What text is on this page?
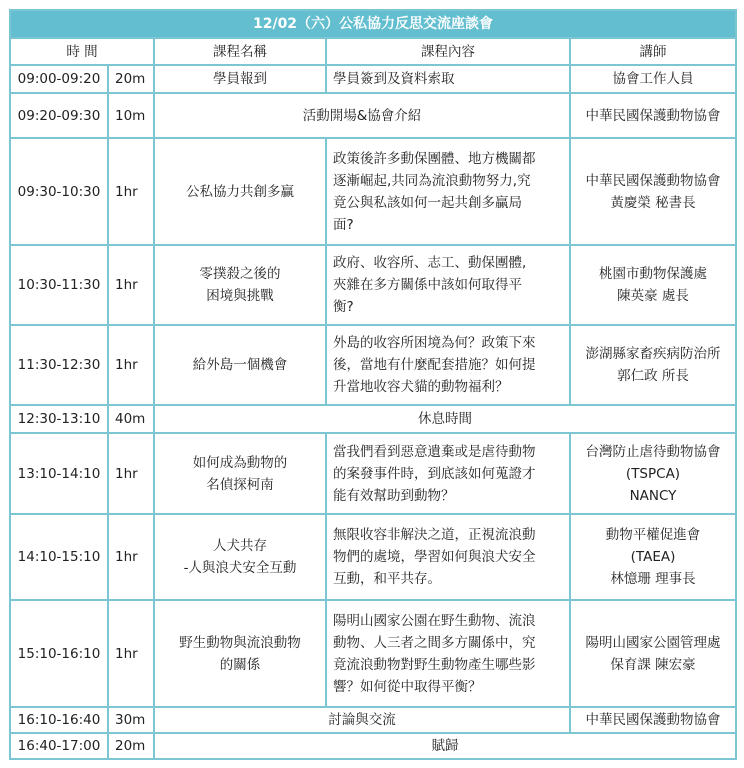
12/02（六）公私協力反思交流座談會				
時 間		課程名稱	課程內容	講師
09:00-09:20	20m	學員報到	學員簽到及資料索取	協會工作人員

09:20-09:30	10m	活動開場&協會介紹		中華民國保護動物協會

09:30-10:30	1hr	公私協力共創多贏	政策後許多動保團體、地方機關都
逐漸崛起,共同為流浪動物努力,究
竟公與私該如何一起共創多贏局
面?	中華民國保護動物協會
黃慶榮 秘書長

10:30-11:30	1hr	零撲殺之後的
困境與挑戰	政府、收容所、志工、動保團體,
夾雜在多方關係中該如何取得平
衡?	桃園市動物保護處
陳英豪 處長

11:30-12:30	1hr	給外島一個機會	外島的收容所困境為何？政策下來
後，當地有什麼配套措施？如何提
升當地收容犬貓的動物福利？	澎湖縣家畜疾病防治所
郭仁政 所長

12:30-13:10	40m	休息時間		

13:10-14:10	1hr	如何成為動物的
名偵探柯南	當我們看到惡意遺棄或是虐待動物
的案發事件時，到底該如何蒐證才
能有效幫助到動物？	台灣防止虐待動物協會
(TSPCA)
NANCY

14:10-15:10	1hr	人犬共存
-人與浪犬安全互動	無限收容非解決之道，正視流浪動
物們的處境，學習如何與浪犬安全
互動，和平共存。	動物平權促進會
(TAEA)
林憶珊 理事長

15:10-16:10	1hr	野生動物與流浪動物
的關係	陽明山國家公園在野生動物、流浪
動物、人三者之間多方關係中，究
竟流浪動物對野生動物產生哪些影
響？如何從中取得平衡？	陽明山國家公園管理處
保育課 陳宏豪

16:10-16:40	30m	討論與交流		中華民國保護動物協會

16:40-17:00	20m	賦歸		
